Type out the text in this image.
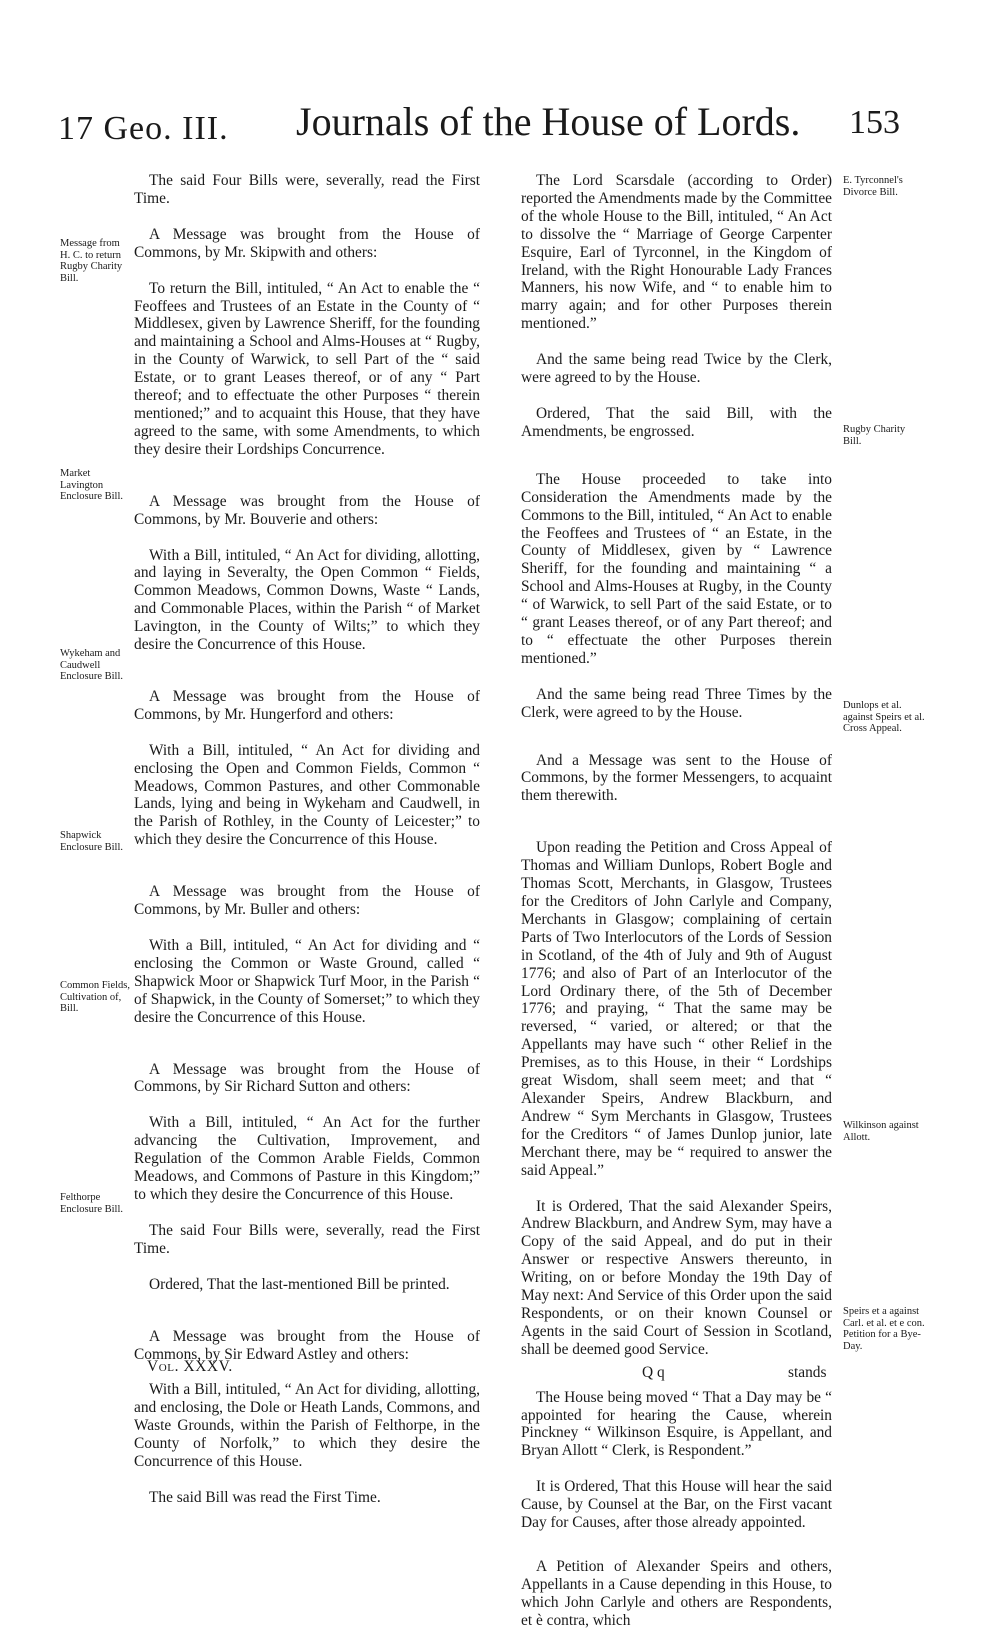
17 Geo. III. Journals of the House of Lords. 153

The said Four Bills were, severally, read the First Time.

A Message was brought from the House of Commons, by Mr. Skipwith and others:

To return the Bill, intituled, “ An Act to enable the “ Feoffees and Trustees of an Estate in the County of “ Middlesex, given by Lawrence Sheriff, for the founding and maintaining a School and Alms-Houses at “ Rugby, in the County of Warwick, to sell Part of the “ said Estate, or to grant Leases thereof, or of any “ Part thereof; and to effectuate the other Purposes “ therein mentioned;” and to acquaint this House, that they have agreed to the same, with some Amendments, to which they desire their Lordships Concurrence.

A Message was brought from the House of Commons, by Mr. Bouverie and others:

With a Bill, intituled, “ An Act for dividing, allotting, and laying in Severalty, the Open Common “ Fields, Common Meadows, Common Downs, Waste “ Lands, and Commonable Places, within the Parish “ of Market Lavington, in the County of Wilts;” to which they desire the Concurrence of this House.

A Message was brought from the House of Commons, by Mr. Hungerford and others:

With a Bill, intituled, “ An Act for dividing and enclosing the Open and Common Fields, Common “ Meadows, Common Pastures, and other Commonable Lands, lying and being in Wykeham and Caudwell, in the Parish of Rothley, in the County of Leicester;” to which they desire the Concurrence of this House.

A Message was brought from the House of Commons, by Mr. Buller and others:

With a Bill, intituled, “ An Act for dividing and “ enclosing the Common or Waste Ground, called “ Shapwick Moor or Shapwick Turf Moor, in the Parish “ of Shapwick, in the County of Somerset;” to which they desire the Concurrence of this House.

A Message was brought from the House of Commons, by Sir Richard Sutton and others:

With a Bill, intituled, “ An Act for the further advancing the Cultivation, Improvement, and Regulation of the Common Arable Fields, Common Meadows, and Commons of Pasture in this Kingdom;” to which they desire the Concurrence of this House.

The said Four Bills were, severally, read the First Time.

Ordered, That the last-mentioned Bill be printed.

A Message was brought from the House of Commons, by Sir Edward Astley and others:

With a Bill, intituled, “ An Act for dividing, allotting, and enclosing, the Dole or Heath Lands, Commons, and Waste Grounds, within the Parish of Felthorpe, in the County of Norfolk,” to which they desire the Concurrence of this House.

The said Bill was read the First Time.

Message from H. C. to return Rugby Charity Bill.
Market Lavington Enclosure Bill.
Wykeham and Caudwell Enclosure Bill.
Shapwick Enclosure Bill.
Common Fields, Cultivation of, Bill.
Felthorpe Enclosure Bill.

The Lord Scarsdale (according to Order) reported the Amendments made by the Committee of the whole House to the Bill, intituled, “ An Act to dissolve the “ Marriage of George Carpenter Esquire, Earl of Tyrconnel, in the Kingdom of Ireland, with the Right Honourable Lady Frances Manners, his now Wife, and “ to enable him to marry again; and for other Purposes therein mentioned.”

And the same being read Twice by the Clerk, were agreed to by the House.

Ordered, That the said Bill, with the Amendments, be engrossed.

The House proceeded to take into Consideration the Amendments made by the Commons to the Bill, intituled, “ An Act to enable the Feoffees and Trustees of “ an Estate, in the County of Middlesex, given by “ Lawrence Sheriff, for the founding and maintaining “ a School and Alms-Houses at Rugby, in the County “ of Warwick, to sell Part of the said Estate, or to “ grant Leases thereof, or of any Part thereof; and to “ effectuate the other Purposes therein mentioned.”

And the same being read Three Times by the Clerk, were agreed to by the House.

And a Message was sent to the House of Commons, by the former Messengers, to acquaint them therewith.

Upon reading the Petition and Cross Appeal of Thomas and William Dunlops, Robert Bogle and Thomas Scott, Merchants, in Glasgow, Trustees for the Creditors of John Carlyle and Company, Merchants in Glasgow; complaining of certain Parts of Two Interlocutors of the Lords of Session in Scotland, of the 4th of July and 9th of August 1776; and also of Part of an Interlocutor of the Lord Ordinary there, of the 5th of December 1776; and praying, “ That the same may be reversed, “ varied, or altered; or that the Appellants may have such “ other Relief in the Premises, as to this House, in their “ Lordships great Wisdom, shall seem meet; and that “ Alexander Speirs, Andrew Blackburn, and Andrew “ Sym Merchants in Glasgow, Trustees for the Creditors “ of James Dunlop junior, late Merchant there, may be “ required to answer the said Appeal.”

It is Ordered, That the said Alexander Speirs, Andrew Blackburn, and Andrew Sym, may have a Copy of the said Appeal, and do put in their Answer or respective Answers thereunto, in Writing, on or before Monday the 19th Day of May next: And Service of this Order upon the said Respondents, or on their known Counsel or Agents in the said Court of Session in Scotland, shall be deemed good Service.

The House being moved “ That a Day may be “ appointed for hearing the Cause, wherein Pinckney “ Wilkinson Esquire, is Appellant, and Bryan Allott “ Clerk, is Respondent.”

It is Ordered, That this House will hear the said Cause, by Counsel at the Bar, on the First vacant Day for Causes, after those already appointed.

A Petition of Alexander Speirs and others, Appellants in a Cause depending in this House, to which John Carlyle and others are Respondents, et è contra, which

E. Tyrconnel's Divorce Bill.
Rugby Charity Bill.
Dunlops et al. against Speirs et al. Cross Appeal.
Wilkinson against Allott.
Speirs et a against Carl. et al. et e con. Petition for a Bye-Day.
Vol. XXXV.	Q q	stands
